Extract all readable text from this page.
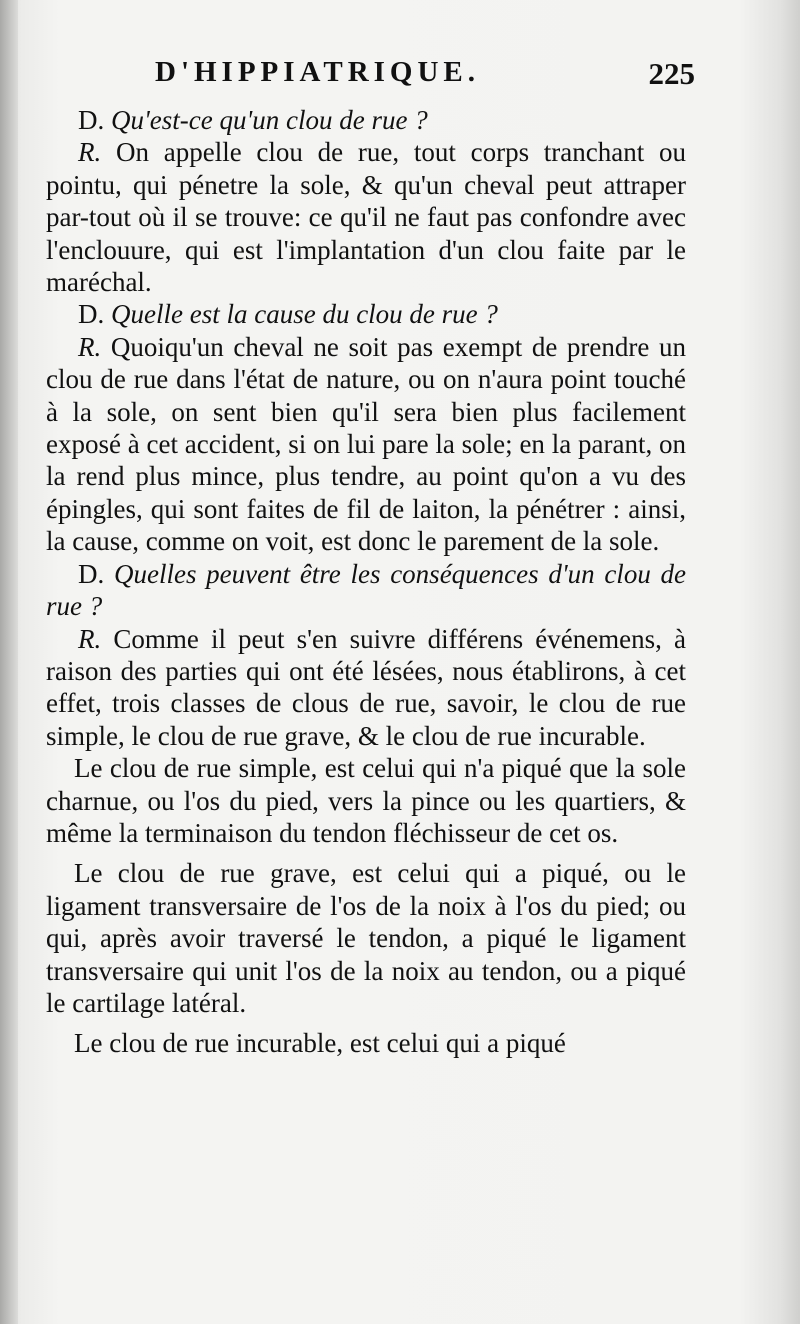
D'HIPPIATRIQUE.	225

D. Qu'est-ce qu'un clou de rue ?

R. On appelle clou de rue, tout corps tranchant ou pointu, qui pénetre la sole, & qu'un cheval peut attraper par-tout où il se trouve: ce qu'il ne faut pas confondre avec l'enclouure, qui est l'implantation d'un clou faite par le maréchal.

D. Quelle est la cause du clou de rue ?

R. Quoiqu'un cheval ne soit pas exempt de prendre un clou de rue dans l'état de nature, ou on n'aura point touché à la sole, on sent bien qu'il sera bien plus facilement exposé à cet accident, si on lui pare la sole; en la parant, on la rend plus mince, plus tendre, au point qu'on a vu des épingles, qui sont faites de fil de laiton, la pénétrer : ainsi, la cause, comme on voit, est donc le parement de la sole.

D. Quelles peuvent être les conséquences d'un clou de rue ?

R. Comme il peut s'en suivre différens événemens, à raison des parties qui ont été lésées, nous établirons, à cet effet, trois classes de clous de rue, savoir, le clou de rue simple, le clou de rue grave, & le clou de rue incurable.

Le clou de rue simple, est celui qui n'a piqué que la sole charnue, ou l'os du pied, vers la pince ou les quartiers, & même la terminaison du tendon fléchisseur de cet os.

Le clou de rue grave, est celui qui a piqué, ou le ligament transversaire de l'os de la noix à l'os du pied; ou qui, après avoir traversé le tendon, a piqué le ligament transversaire qui unit l'os de la noix au tendon, ou a piqué le cartilage latéral.

Le clou de rue incurable, est celui qui a piqué
